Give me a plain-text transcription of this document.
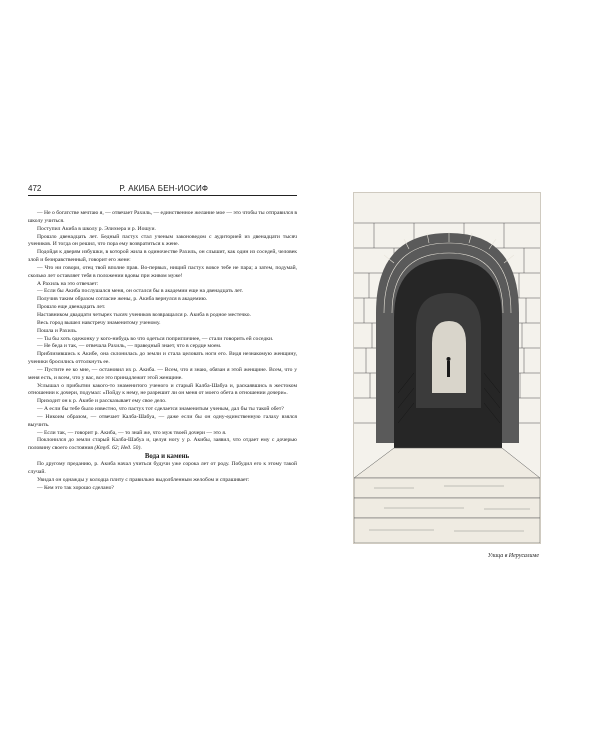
472	Р. АКИБА БЕН-ИОСИФ

— Не о богатстве мечтаю я, — отвечает Рахиль, — единственное желание мое — это чтобы ты отправился в школу учиться.

Поступил Акиба в школу р. Элиэзера и р. Иошуи.

Прошло двенадцать лет. Бедный пастух стал ученым законоведом с аудиторией из двенадцати тысяч учеников. И тогда он решил, что пора ему возвратиться к жене.

Подойдя к дверям избушки, в которой жила в одиночестве Рахиль, он слышит, как один из соседей, человек злой и безнравственный, говорит его жене:

— Что ни говори, отец твой вполне прав. Во-первых, нищий пастух вовсе тебе не пара; а затем, подумай, сколько лет оставляет тебя в положении вдовы при живом муже!

А Рахиль на это отвечает:

— Если бы Акиба послушался меня, он остался бы в академии еще на двенадцать лет.

Получив таким образом согласие жены, р. Акиба вернулся в академию.

Прошло еще двенадцать лет.

Наставником двадцати четырех тысяч учеников возвращался р. Акиба в родное местечко.

Весь город вышел навстречу знаменитому ученому.

Пошла и Рахиль.

— Ты бы хоть одежонку у кого-нибудь во что одеться попригличнее, — стали говорить ей соседки.

— Не беда и так, — отвечала Рахиль, — праведный знает, что в сердце моем.

Приблизившись к Акибе, она склонилась до земли и стала целовать ноги его. Видя незнакомую женщину, ученики бросились оттолкнуть ее.

— Пустите ее ко мне, — остановил их р. Акиба. — Всем, что я знаю, обязан я этой женщине. Всем, что у меня есть, и всем, что у вас, все это принадлежит этой женщине.

Услышал о прибытии какого-то знаменитого ученого и старый Калба-Шабуа и, раскаявшись в жестоком отношении к дочери, подумал: «Пойду к нему, не разрешит ли он меня от моего обета в отношении дочери».

Приходит он к р. Акибе и рассказывает ему свое дело.

— А если бы тебе было известно, что пастух тот сделается знаменитым ученым, дал бы ты такой обет?

— Никоим образом, — отвечает Калба-Шабуа, — даже если бы он одну-единственную галаху взялся выучить.

— Если так, — говорит р. Акиба, — то знай же, что муж твоей дочери — это я.

Поклонился до земли старый Калба-Шабуа и, целуя ногу у р. Акибы, заявил, что отдает ему с дочерью половину своего состояния (Ктуб. 62; Нед. 50).

Вода и камень

По другому преданию, р. Акиба начал учиться будучи уже сорока лет от роду. Побудил его к этому такой случай.

Увидал он однажды у колодца плиту с правильно выдолбленным желобом и спрашивает:

— Кем это так хорошо сделано?

Улица в Иерусалиме
